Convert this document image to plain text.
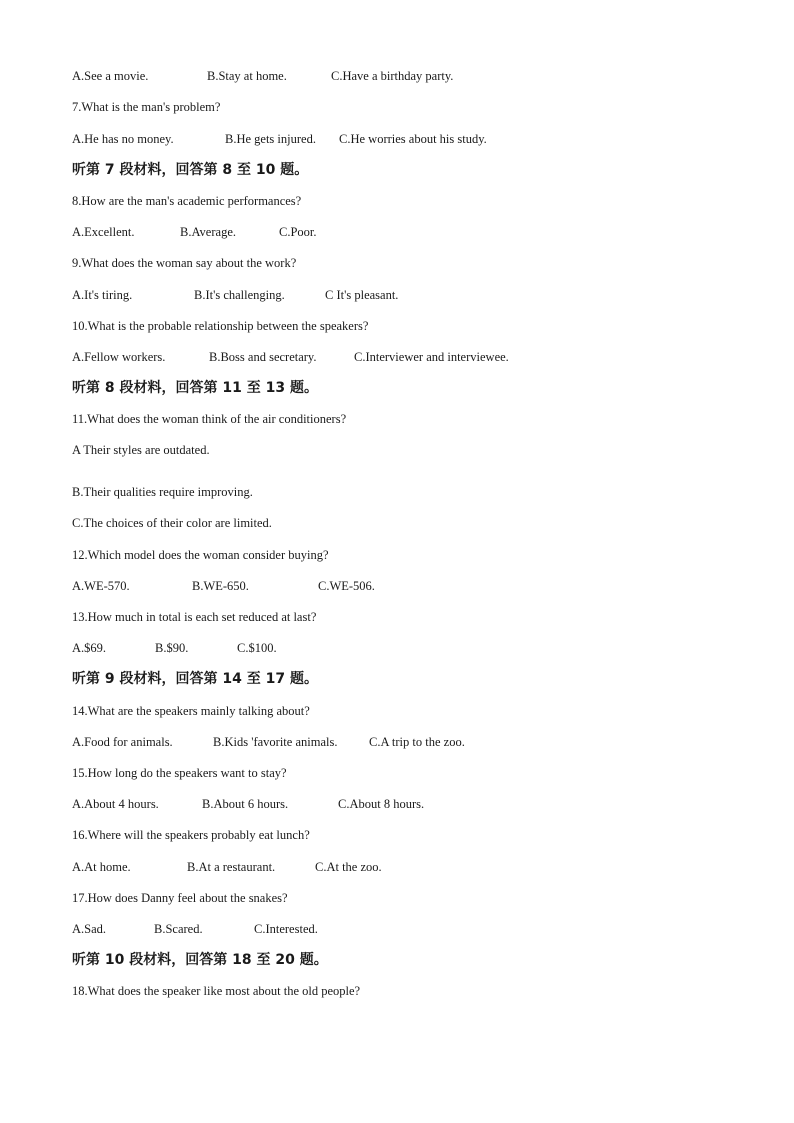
A.See a movie.	B.Stay at home.	C.Have a birthday party.
7.What is the man's problem?
A.He has no money.	B.He gets injured. C.He worries about his study.
听第 7 段材料，回答第 8 至 10 题。
8.How are the man's academic performances?
A.Excellent.	B.Average.	C.Poor.
9.What does the woman say about the work?
A.It's tiring.	B.It's challenging.	C It's pleasant.
10.What is the probable relationship between the speakers?
A.Fellow workers.	B.Boss and secretary.	C.Interviewer and interviewee.
听第 8 段材料，回答第 11 至 13 题。
11.What does the woman think of the air conditioners?
A Their styles are outdated.
B.Their qualities require improving.
C.The choices of their color are limited.
12.Which model does the woman consider buying?
A.WE-570.	B.WE-650.	C.WE-506.
13.How much in total is each set reduced at last?
A.$69.	B.$90.	C.$100.
听第 9 段材料，回答第 14 至 17 题。
14.What are the speakers mainly talking about?
A.Food for animals.	B.Kids 'favorite animals.	C.A trip to the zoo.
15.How long do the speakers want to stay?
A.About 4 hours.	B.About 6 hours.	C.About 8 hours.
16.Where will the speakers probably eat lunch?
A.At home.	B.At a restaurant.	C.At the zoo.
17.How does Danny feel about the snakes?
A.Sad.	B.Scared.	C.Interested.
听第 10 段材料，回答第 18 至 20 题。
18.What does the speaker like most about the old people?
